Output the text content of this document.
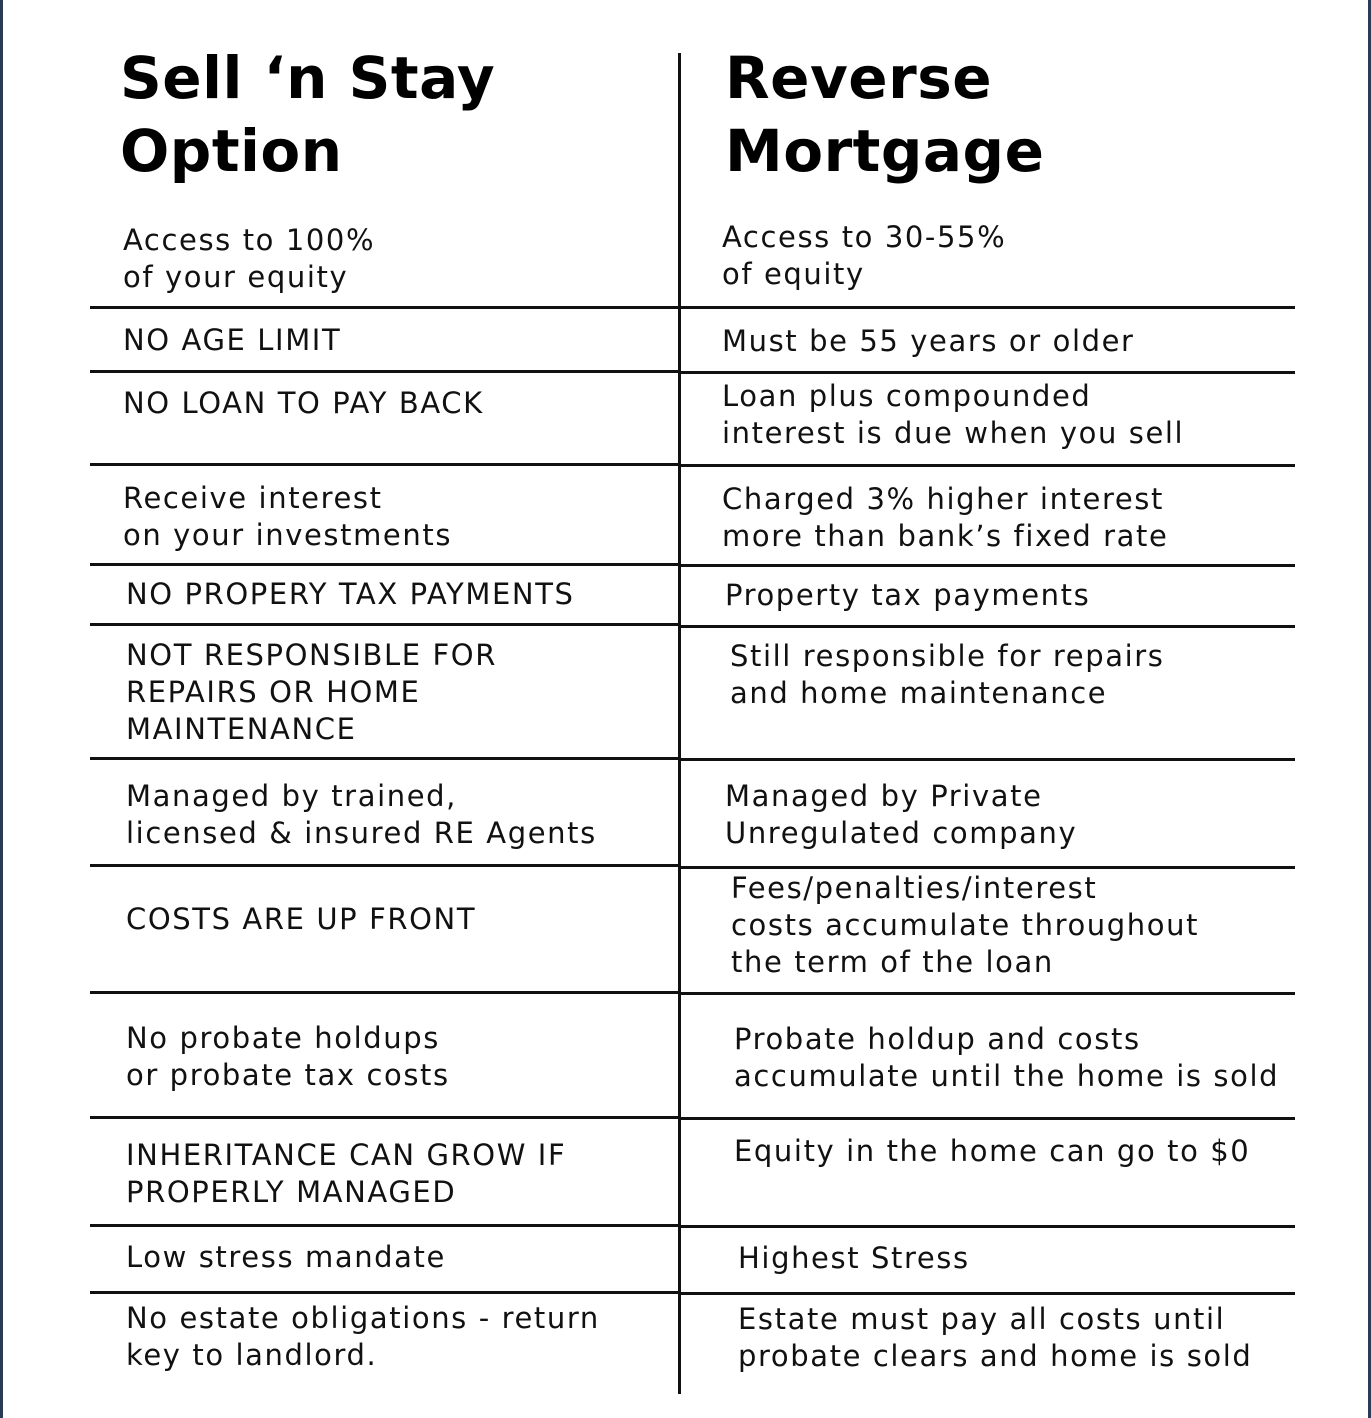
Sell ‘n Stay
Option
Reverse
Mortgage
Access to 100%
of your equity
NO AGE LIMIT
NO LOAN TO PAY BACK
Receive interest
on your investments
NO PROPERY TAX PAYMENTS
NOT RESPONSIBLE FOR
REPAIRS OR HOME
MAINTENANCE
Managed by trained,
licensed & insured RE Agents
COSTS ARE UP FRONT
No probate holdups
or probate tax costs
INHERITANCE CAN GROW IF
PROPERLY MANAGED
Low stress mandate
No estate obligations - return
key to landlord.
Access to 30-55%
of equity
Must be 55 years or older
Loan plus compounded
interest is due when you sell
Charged 3% higher interest
more than bank’s fixed rate
Property tax payments
Still responsible for repairs
and home maintenance
Managed by Private
Unregulated company
Fees/penalties/interest
costs accumulate throughout
the term of the loan
Probate holdup and costs
accumulate until the home is sold
Equity in the home can go to $0
Highest Stress
Estate must pay all costs until
probate clears and home is sold
